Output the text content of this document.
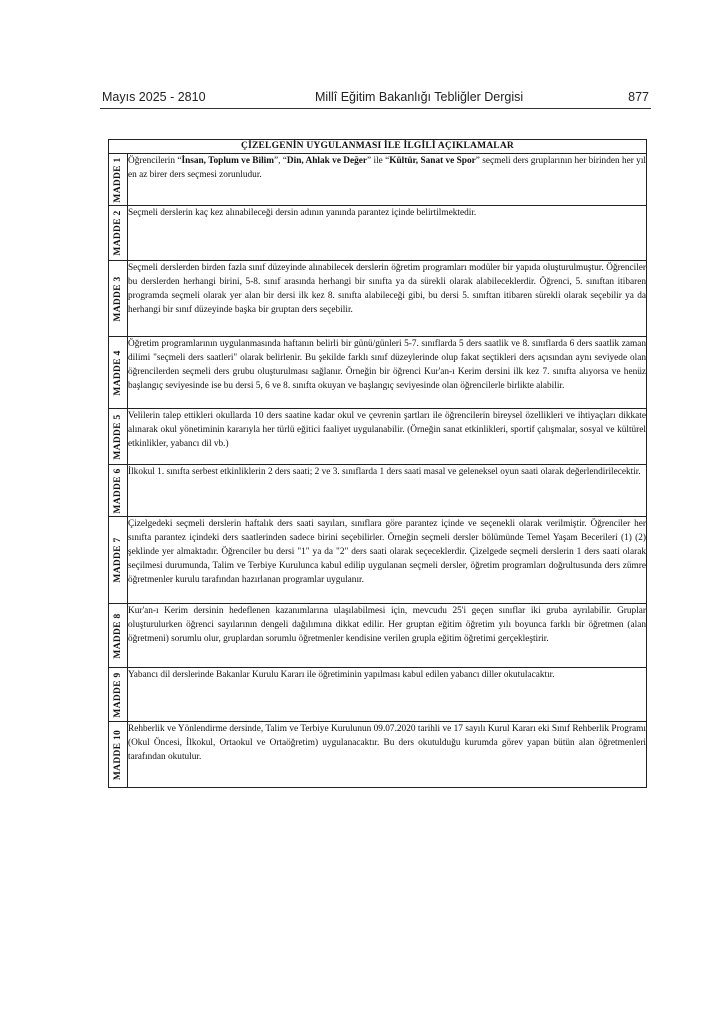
Mayıs 2025 - 2810	Millî Eğitim Bakanlığı Tebliğler Dergisi	877
ÇİZELGENİN UYGULANMASI İLE İLGİLİ AÇIKLAMALAR	

MADDE 1	Öğrencilerin “İnsan, Toplum ve Bilim”, “Din, Ahlak ve Değer” ile “Kültür, Sanat ve Spor” seçmeli ders gruplarının her birinden her yıl en az birer ders seçmesi zorunludur.

MADDE 2	Seçmeli derslerin kaç kez alınabileceği dersin adının yanında parantez içinde belirtilmektedir.

MADDE 3	Seçmeli derslerden birden fazla sınıf düzeyinde alınabilecek derslerin öğretim programları modüler bir yapıda oluşturulmuştur. Öğrenciler bu derslerden herhangi birini, 5-8. sınıf arasında herhangi bir sınıfta ya da sürekli olarak alabileceklerdir. Öğrenci, 5. sınıftan itibaren programda seçmeli olarak yer alan bir dersi ilk kez 8. sınıfta alabileceği gibi, bu dersi 5. sınıftan itibaren sürekli olarak seçebilir ya da herhangi bir sınıf düzeyinde başka bir gruptan ders seçebilir.

MADDE 4	Öğretim programlarının uygulanmasında haftanın belirli bir günü/günleri 5-7. sınıflarda 5 ders saatlik ve 8. sınıflarda 6 ders saatlik zaman dilimi "seçmeli ders saatleri" olarak belirlenir. Bu şekilde farklı sınıf düzeylerinde olup fakat seçtikleri ders açısından aynı seviyede olan öğrencilerden seçmeli ders grubu oluşturulması sağlanır. Örneğin bir öğrenci Kur'an-ı Kerim dersini ilk kez 7. sınıfta alıyorsa ve henüz başlangıç seviyesinde ise bu dersi 5, 6 ve 8. sınıfta okuyan ve başlangıç seviyesinde olan öğrencilerle birlikte alabilir.

MADDE 5	Velilerin talep ettikleri okullarda 10 ders saatine kadar okul ve çevrenin şartları ile öğrencilerin bireysel özellikleri ve ihtiyaçları dikkate alınarak okul yönetiminin kararıyla her türlü eğitici faaliyet uygulanabilir. (Örneğin sanat etkinlikleri, sportif çalışmalar, sosyal ve kültürel etkinlikler, yabancı dil vb.)

MADDE 6	İlkokul 1. sınıfta serbest etkinliklerin 2 ders saati; 2 ve 3. sınıflarda 1 ders saati masal ve geleneksel oyun saati olarak değerlendirilecektir.

MADDE 7	Çizelgedeki seçmeli derslerin haftalık ders saati sayıları, sınıflara göre parantez içinde ve seçenekli olarak verilmiştir. Öğrenciler her sınıfta parantez içindeki ders saatlerinden sadece birini seçebilirler. Örneğin seçmeli dersler bölümünde Temel Yaşam Becerileri (1) (2) şeklinde yer almaktadır. Öğrenciler bu dersi "1" ya da "2" ders saati olarak seçeceklerdir. Çizelgede seçmeli derslerin 1 ders saati olarak seçilmesi durumunda, Talim ve Terbiye Kurulunca kabul edilip uygulanan seçmeli dersler, öğretim programları doğrultusunda ders zümre öğretmenler kurulu tarafından hazırlanan programlar uygulanır.

MADDE 8	Kur'an-ı Kerim dersinin hedeflenen kazanımlarına ulaşılabilmesi için, mevcudu 25'i geçen sınıflar iki gruba ayrılabilir. Gruplar oluşturulurken öğrenci sayılarının dengeli dağılımına dikkat edilir. Her gruptan eğitim öğretim yılı boyunca farklı bir öğretmen (alan öğretmeni) sorumlu olur, gruplardan sorumlu öğretmenler kendisine verilen grupla eğitim öğretimi gerçekleştirir.

MADDE 9	Yabancı dil derslerinde Bakanlar Kurulu Kararı ile öğretiminin yapılması kabul edilen yabancı diller okutulacaktır.

MADDE 10	Rehberlik ve Yönlendirme dersinde, Talim ve Terbiye Kurulunun 09.07.2020 tarihli ve 17 sayılı Kurul Kararı eki Sınıf Rehberlik Programı (Okul Öncesi, İlkokul, Ortaokul ve Ortaöğretim) uygulanacaktır. Bu ders okutulduğu kurumda görev yapan bütün alan öğretmenleri tarafından okutulur.
